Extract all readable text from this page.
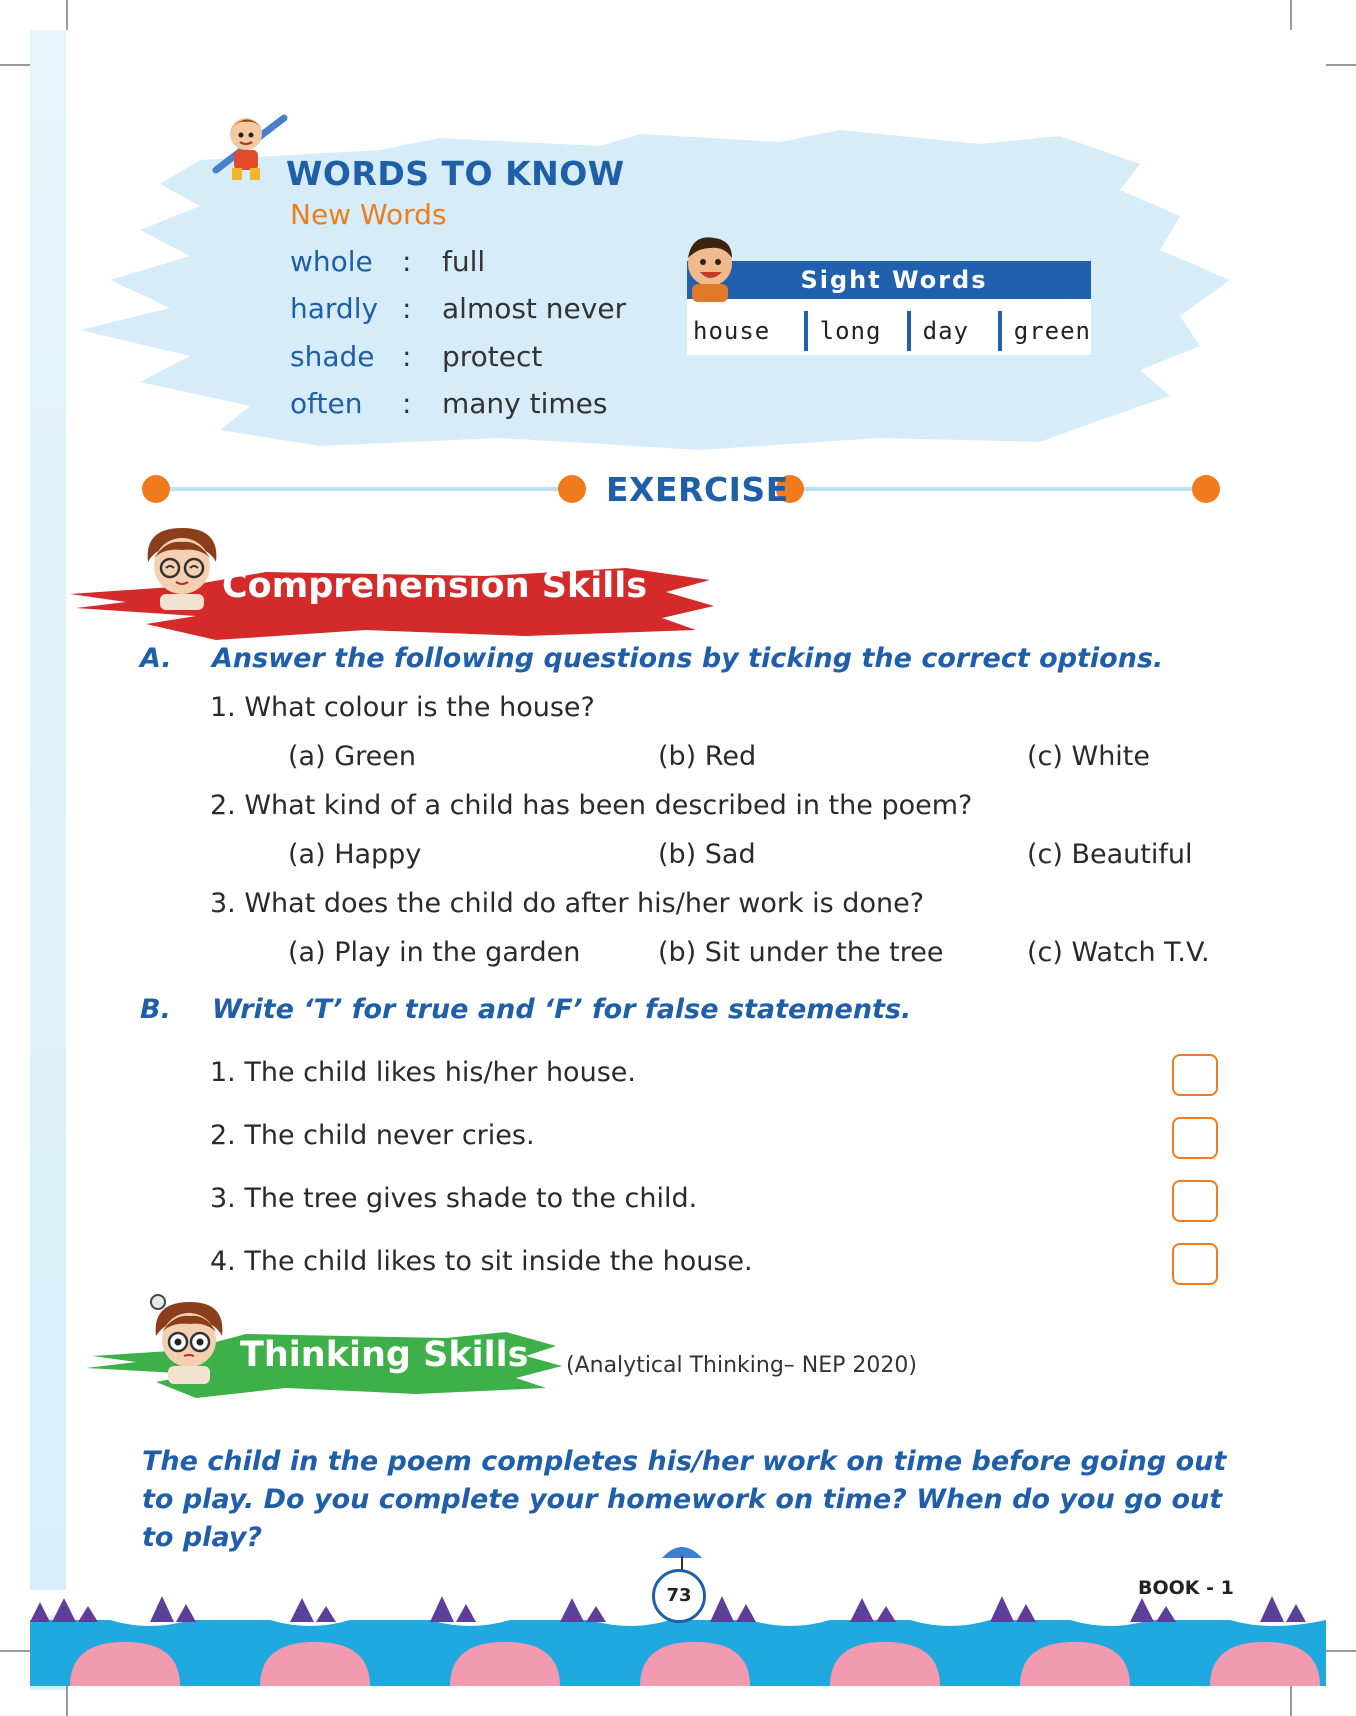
WORDS TO KNOW
New Words
whole	:	full
hardly :	almost never
shade :	protect
often	:	many times
Sight Words
house	long	day	green
EXERCISE
Comprehension Skills
A. Answer the following questions by ticking the correct options.
1. What colour is the house?
(a) Green	(b) Red	(c) White
2. What kind of a child has been described in the poem?
(a) Happy	(b) Sad	(c) Beautiful
3. What does the child do after his/her work is done?
(a) Play in the garden	(b) Sit under the tree	(c) Watch T.V.
B. Write ‘T’ for true and ‘F’ for false statements.
1. The child likes his/her house.
2. The child never cries.
3. The tree gives shade to the child.
4. The child likes to sit inside the house.
Thinking Skills (Analytical Thinking– NEP 2020)
The child in the poem completes his/her work on time before going out to play. Do you complete your homework on time? When do you go out to play?
73	BOOK - 1
